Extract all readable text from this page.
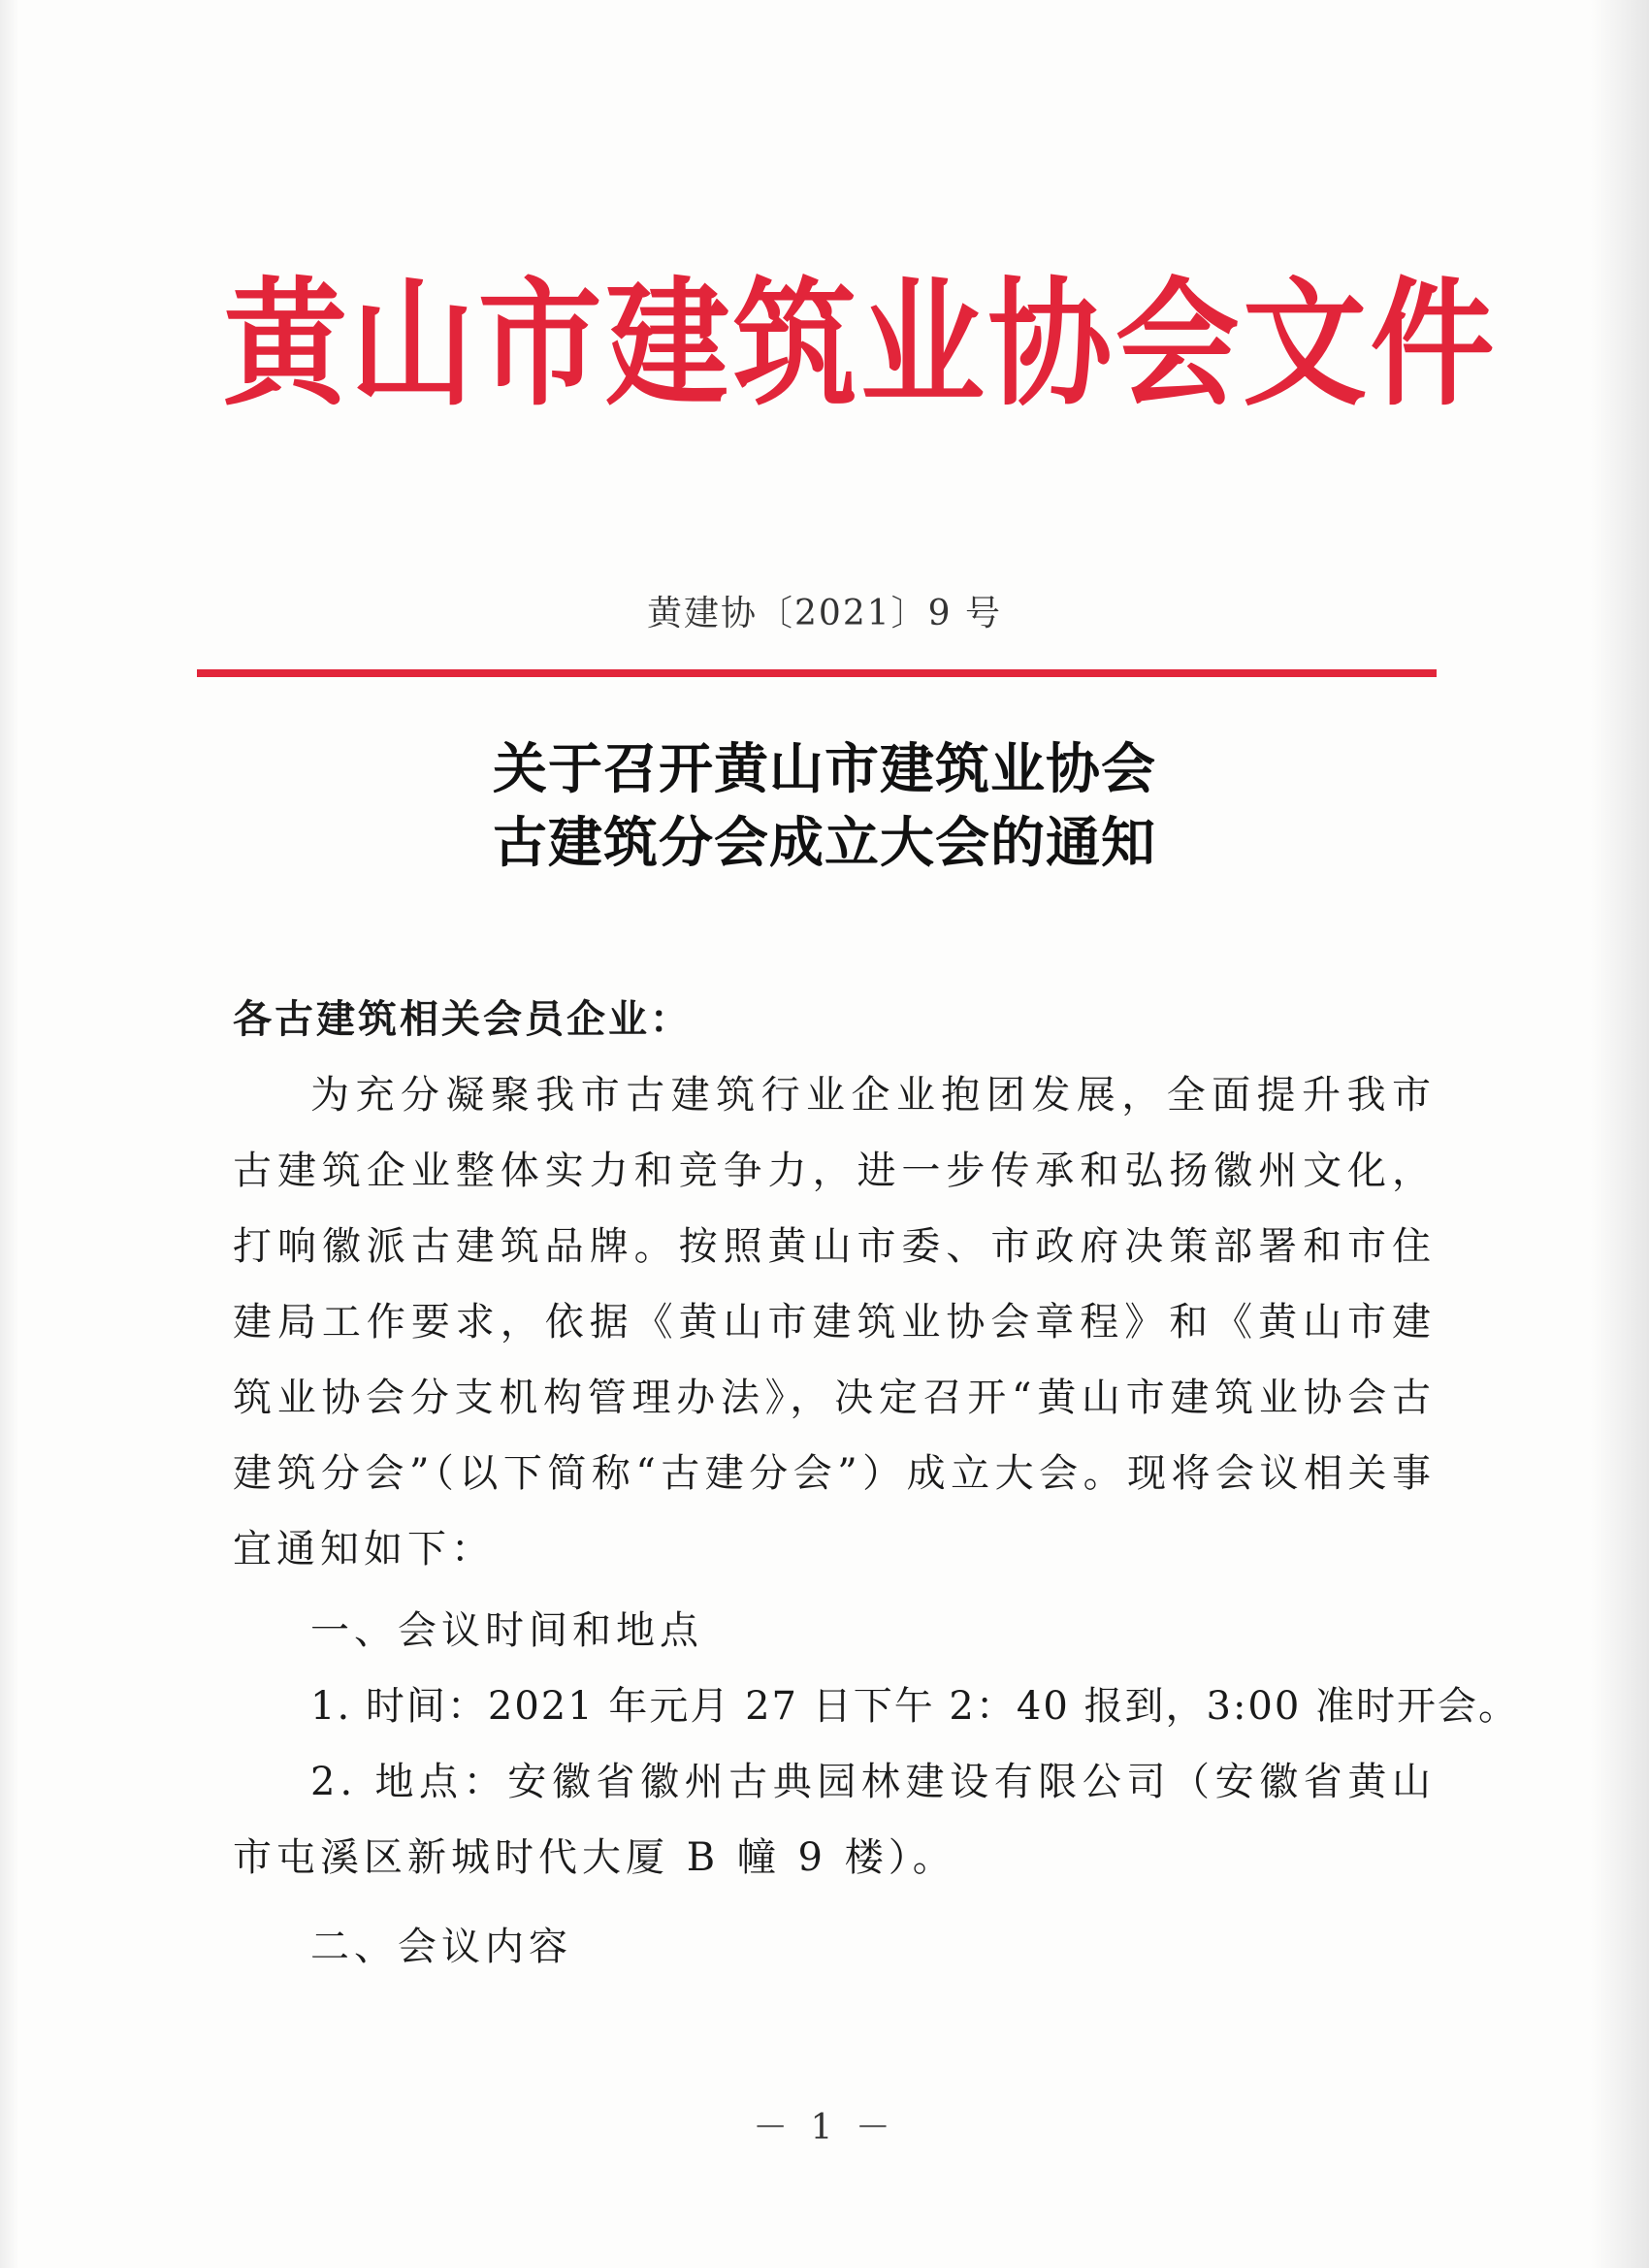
黄山市建筑业协会文件
黄建协〔2021〕9 号
关于召开黄山市建筑业协会
古建筑分会成立大会的通知
各古建筑相关会员企业：

为充分凝聚我市古建筑行业企业抱团发展，全面提升我市古建筑企业整体实力和竞争力，进一步传承和弘扬徽州文化，打响徽派古建筑品牌。按照黄山市委、市政府决策部署和市住建局工作要求，依据《黄山市建筑业协会章程》和《黄山市建筑业协会分支机构管理办法》，决定召开“黄山市建筑业协会古建筑分会”（以下简称“古建分会”）成立大会。现将会议相关事宜通知如下：

一、会议时间和地点

1. 时间：2021 年元月 27 日下午 2：40 报到，3:00 准时开会。

2. 地点：安徽省徽州古典园林建设有限公司（安徽省黄山市屯溪区新城时代大厦 B 幢 9 楼）。

二、会议内容
－ 1 －
